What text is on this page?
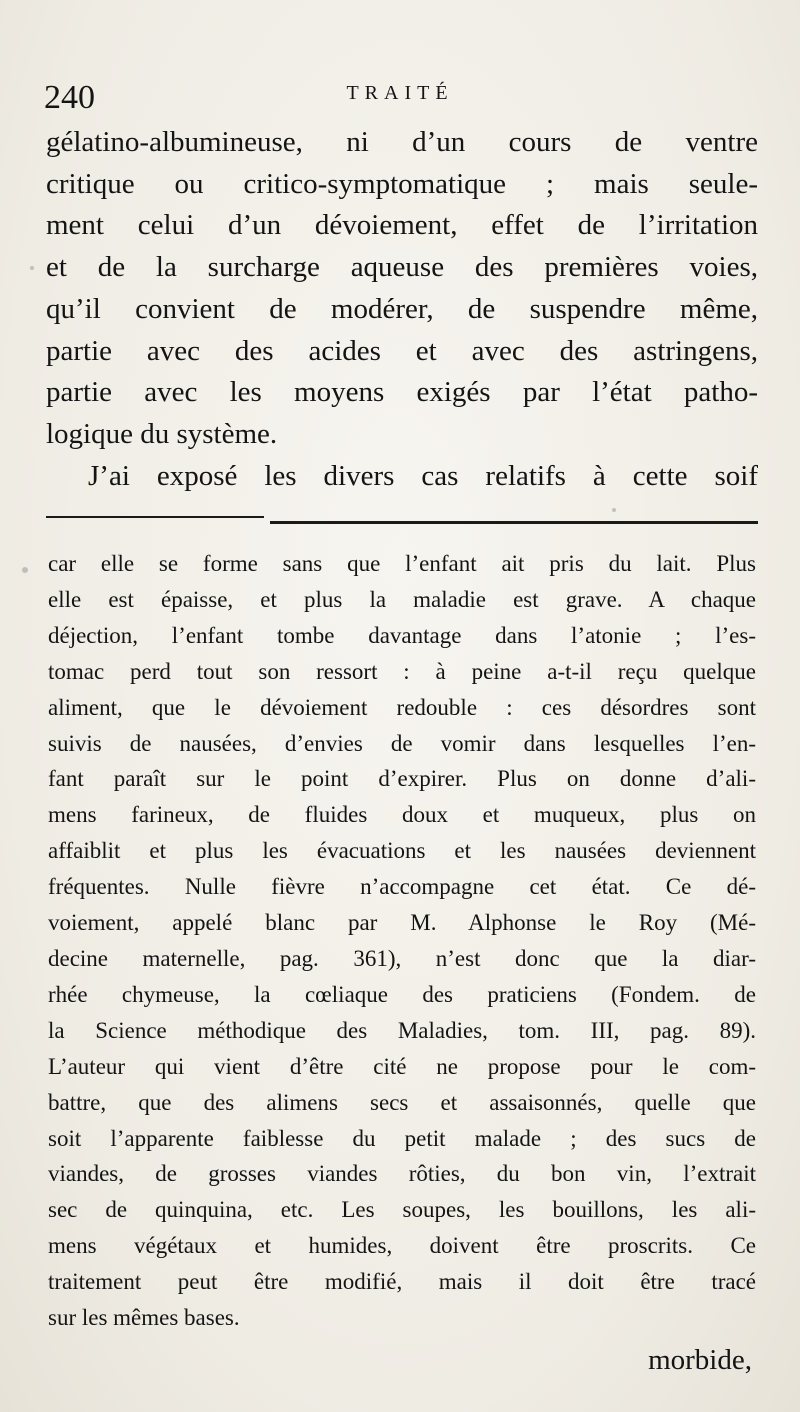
240	TRAITÉ
gélatino-albumineuse, ni d’un cours de ventre
critique ou critico-symptomatique ; mais seule-
ment celui d’un dévoiement, effet de l’irritation
et de la surcharge aqueuse des premières voies,
qu’il convient de modérer, de suspendre même,
partie avec des acides et avec des astringens,
partie avec les moyens exigés par l’état patho-
logique du système.
J’ai exposé les divers cas relatifs à cette soif
car elle se forme sans que l’enfant ait pris du lait. Plus
elle est épaisse, et plus la maladie est grave. A chaque
déjection, l’enfant tombe davantage dans l’atonie ; l’es-
tomac perd tout son ressort : à peine a-t-il reçu quelque
aliment, que le dévoiement redouble : ces désordres sont
suivis de nausées, d’envies de vomir dans lesquelles l’en-
fant paraît sur le point d’expirer. Plus on donne d’ali-
mens farineux, de fluides doux et muqueux, plus on
affaiblit et plus les évacuations et les nausées deviennent
fréquentes. Nulle fièvre n’accompagne cet état. Ce dé-
voiement, appelé blanc par M. Alphonse le Roy (Mé-
decine maternelle, pag. 361), n’est donc que la diar-
rhée chymeuse, la cœliaque des praticiens (Fondem. de
la Science méthodique des Maladies, tom. III, pag. 89).
L’auteur qui vient d’être cité ne propose pour le com-
battre, que des alimens secs et assaisonnés, quelle que
soit l’apparente faiblesse du petit malade ; des sucs de
viandes, de grosses viandes rôties, du bon vin, l’extrait
sec de quinquina, etc. Les soupes, les bouillons, les ali-
mens végétaux et humides, doivent être proscrits. Ce
traitement peut être modifié, mais il doit être tracé
sur les mêmes bases.
morbide,
